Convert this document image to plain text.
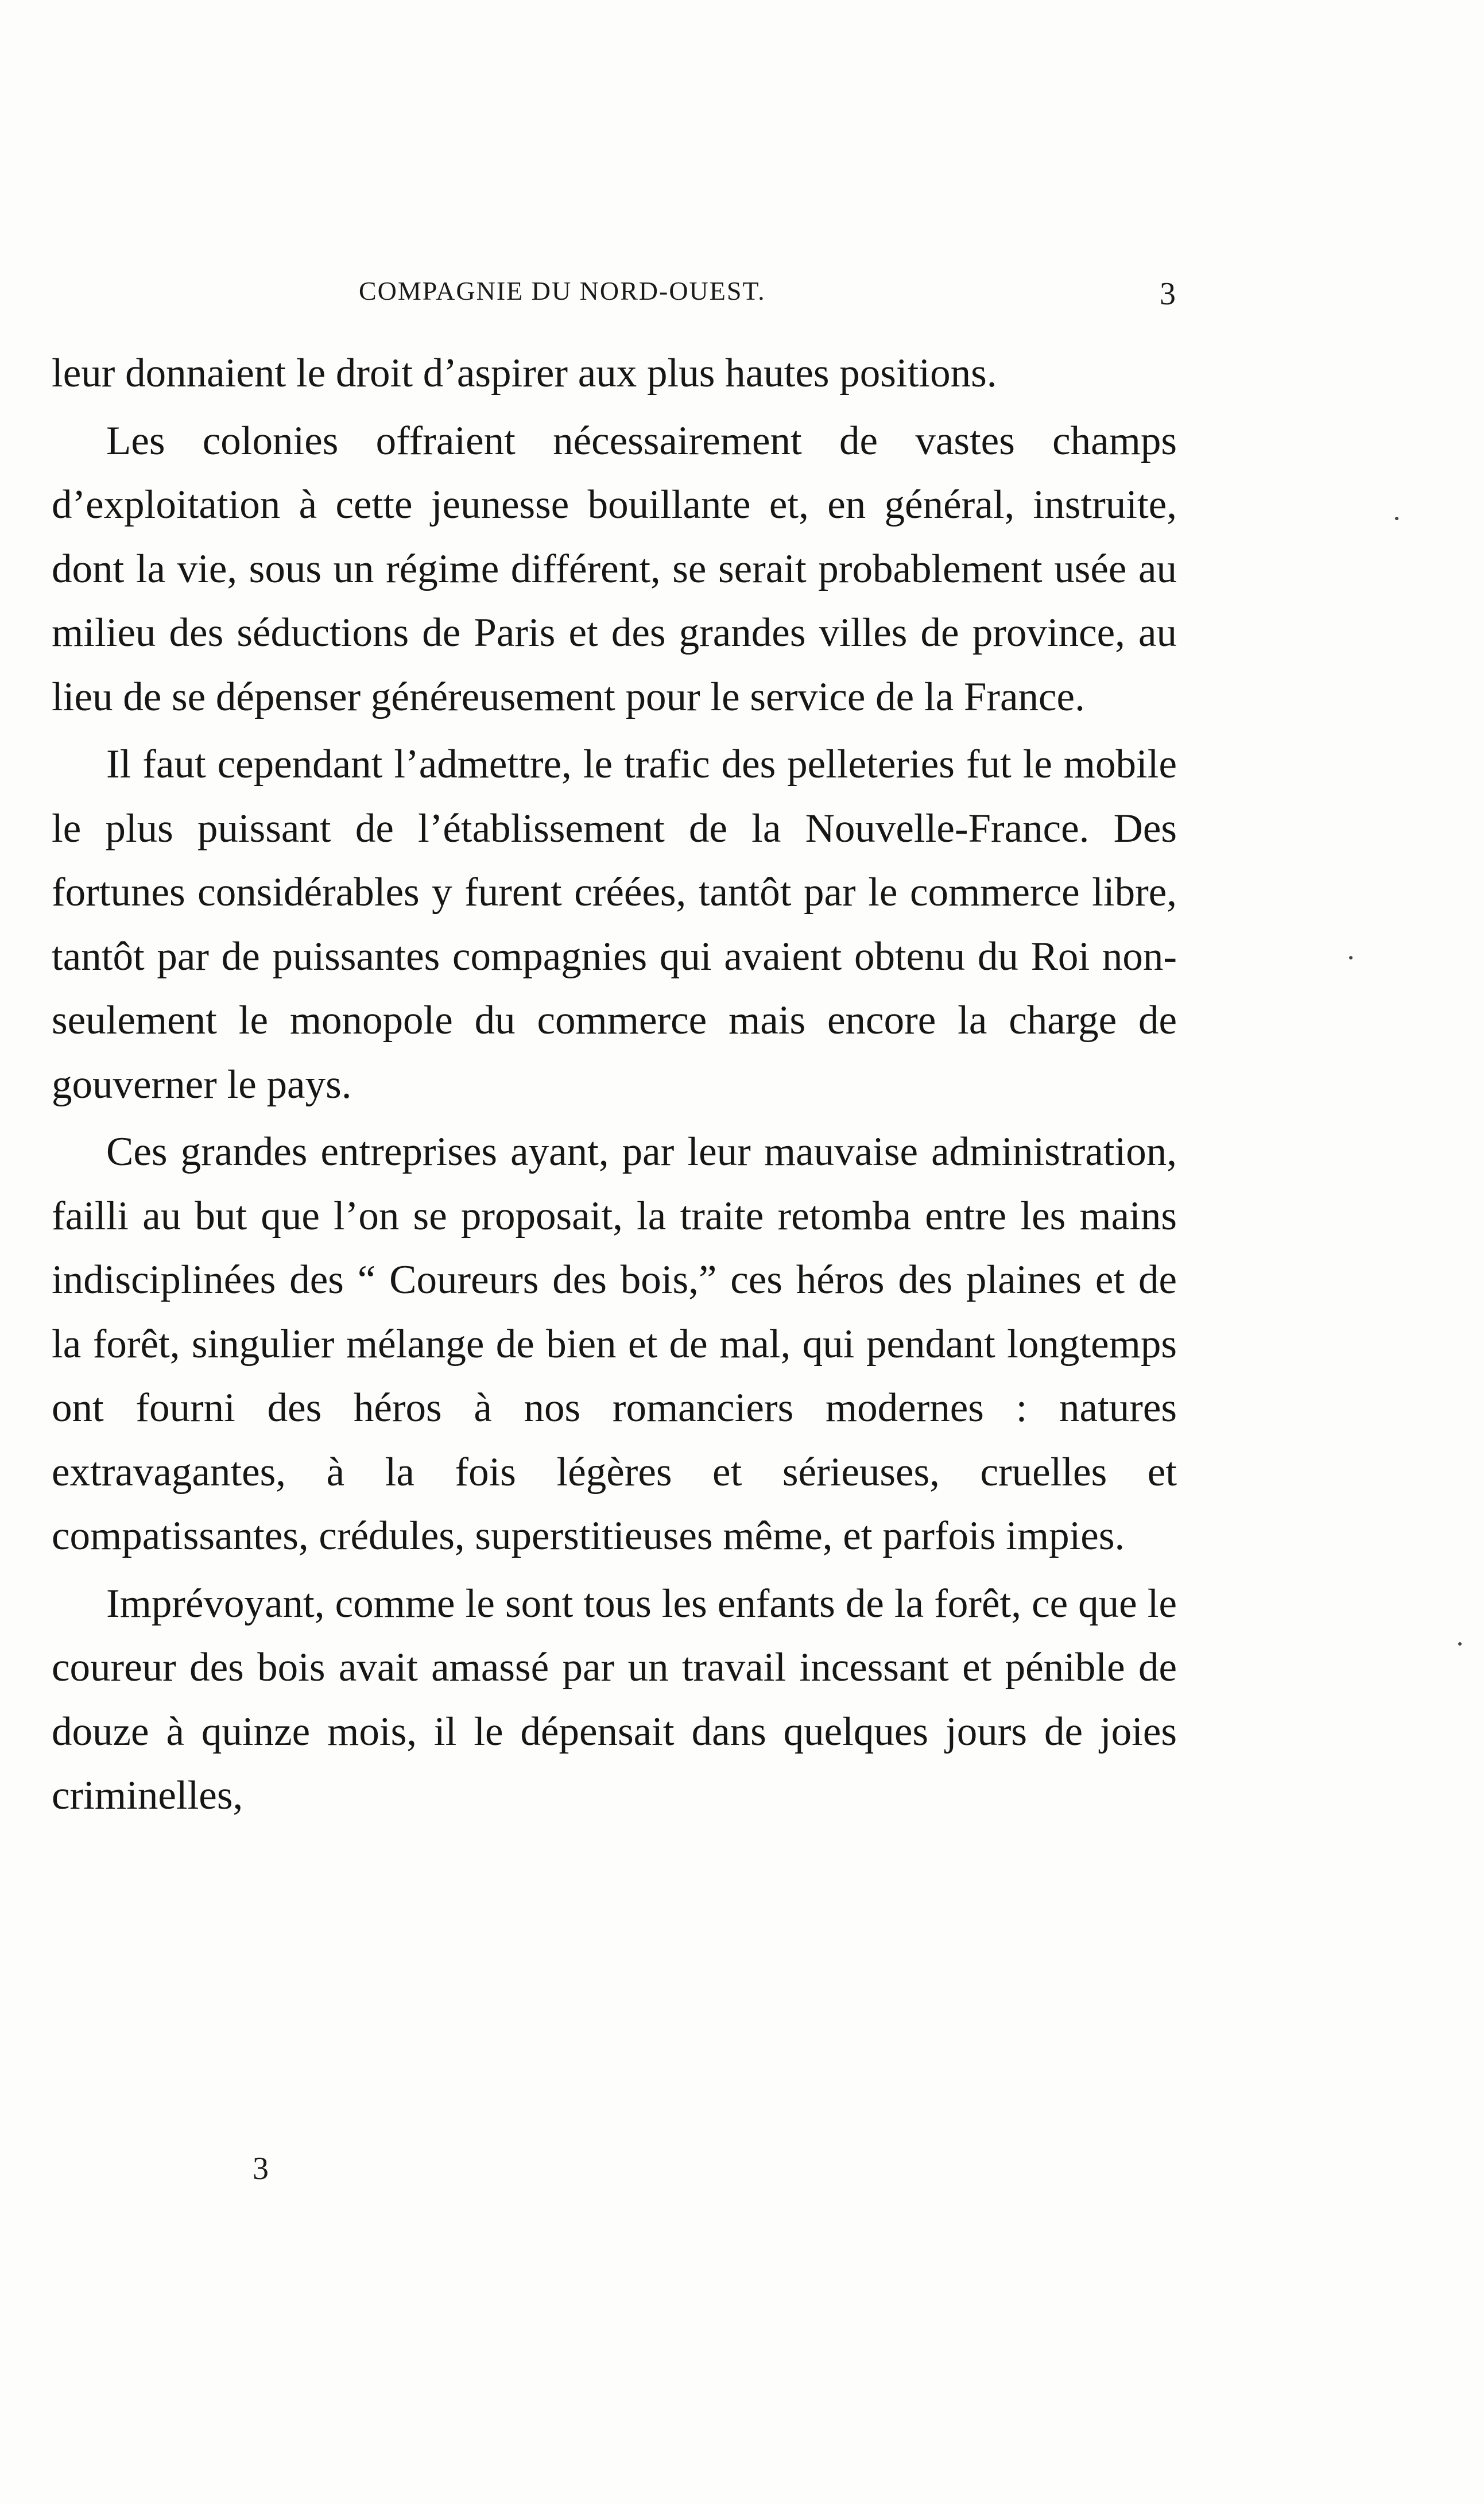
COMPAGNIE DU NORD-OUEST.	3

leur donnaient le droit d’aspirer aux plus hautes positions.

Les colonies offraient nécessairement de vastes champs d’exploitation à cette jeunesse bouillante et, en général, instruite, dont la vie, sous un régime différent, se serait probablement usée au milieu des séductions de Paris et des grandes villes de province, au lieu de se dépenser généreusement pour le service de la France.

Il faut cependant l’admettre, le trafic des pelleteries fut le mobile le plus puissant de l’établissement de la Nouvelle-France. Des fortunes considérables y furent créées, tantôt par le commerce libre, tantôt par de puissantes compagnies qui avaient obtenu du Roi non-seulement le monopole du commerce mais encore la charge de gouverner le pays.

Ces grandes entreprises ayant, par leur mauvaise administration, failli au but que l’on se proposait, la traite retomba entre les mains indisciplinées des “ Coureurs des bois,” ces héros des plaines et de la forêt, singulier mélange de bien et de mal, qui pendant longtemps ont fourni des héros à nos romanciers modernes : natures extravagantes, à la fois légères et sérieuses, cruelles et compatissantes, crédules, superstitieuses même, et parfois impies.

Imprévoyant, comme le sont tous les enfants de la forêt, ce que le coureur des bois avait amassé par un travail incessant et pénible de douze à quinze mois, il le dépensait dans quelques jours de joies criminelles,

3
